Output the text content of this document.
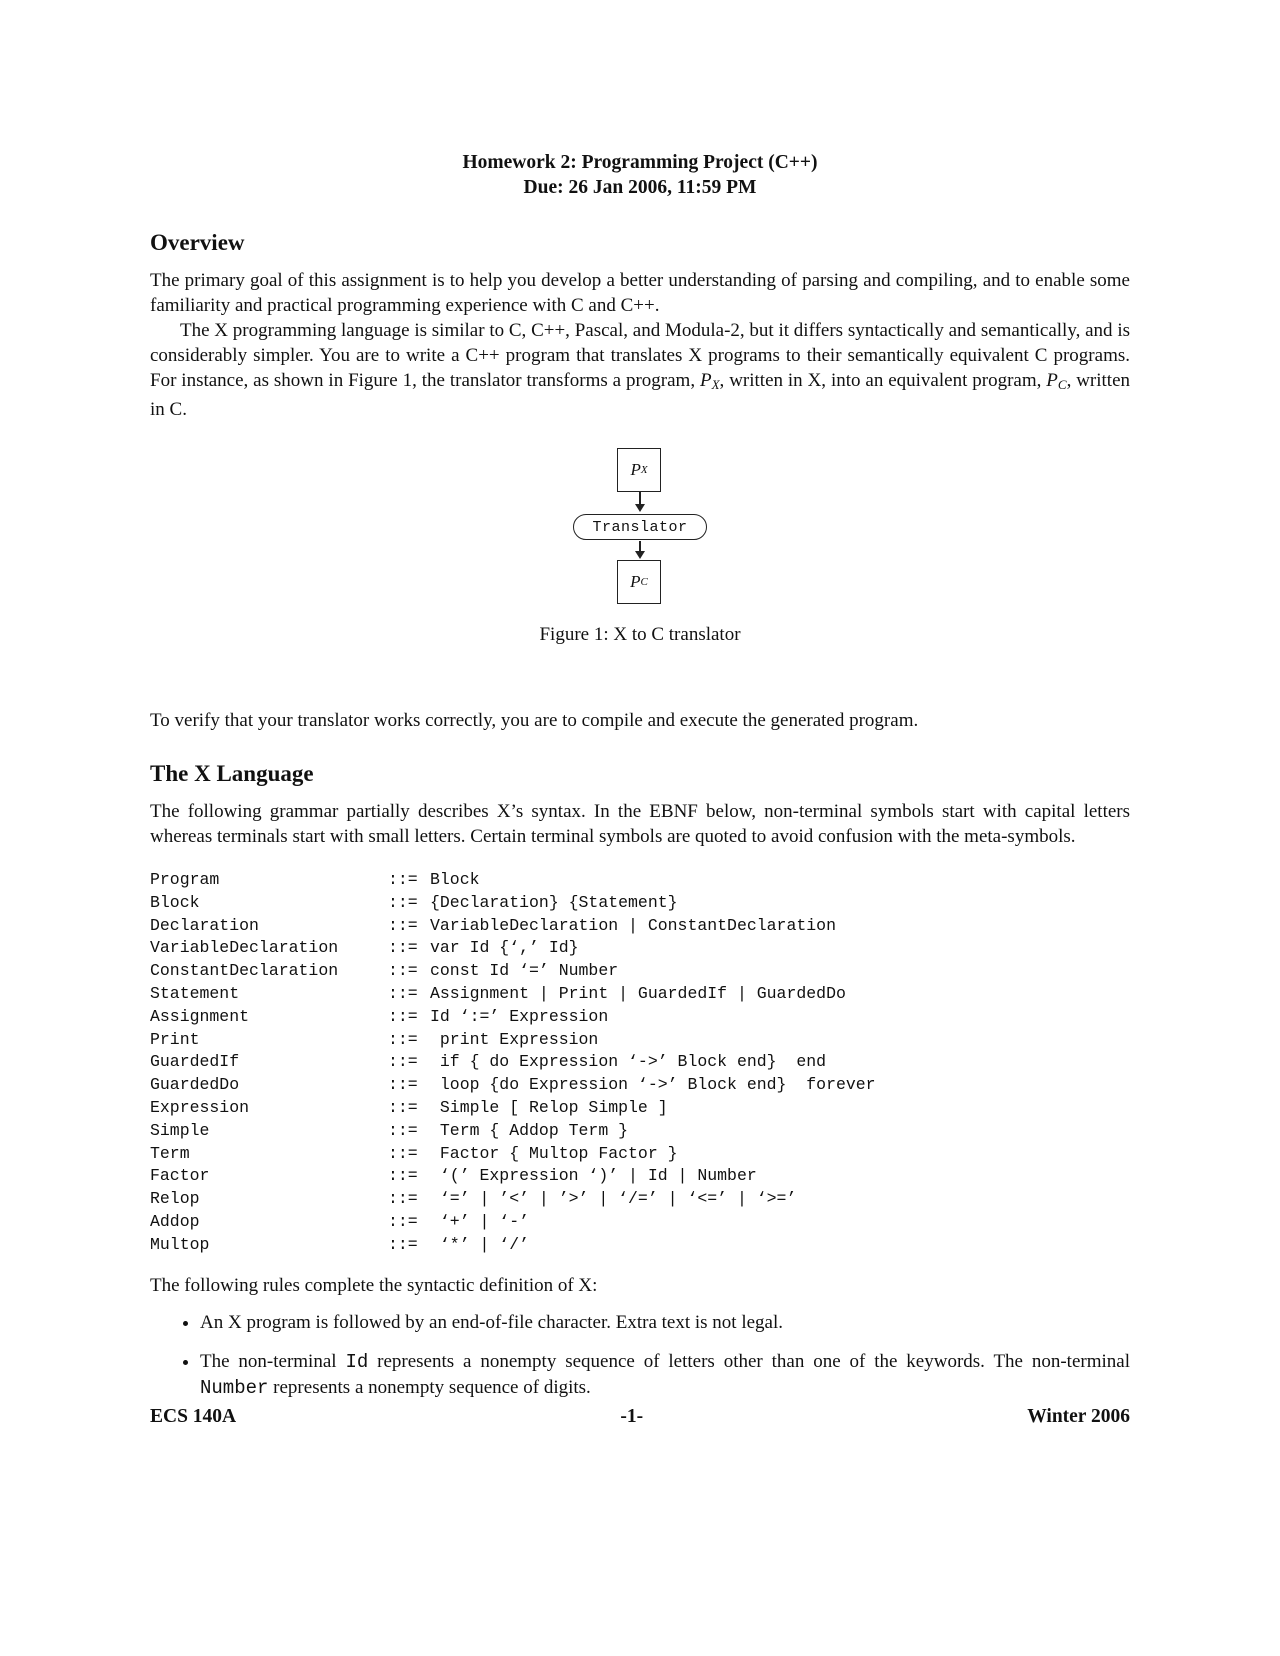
Homework 2: Programming Project (C++)
Due: 26 Jan 2006, 11:59 PM
Overview

The primary goal of this assignment is to help you develop a better understanding of parsing and compiling, and to enable some familiarity and practical programming experience with C and C++.

The X programming language is similar to C, C++, Pascal, and Modula-2, but it differs syntactically and semantically, and is considerably simpler. You are to write a C++ program that translates X programs to their semantically equivalent C programs. For instance, as shown in Figure 1, the translator transforms a program, $P_X$, written in X, into an equivalent program, $P_C$, written in C.

P X
Translator
P C
Figure 1: X to C translator

To verify that your translator works correctly, you are to compile and execute the generated program.

The X Language

The following grammar partially describes X’s syntax. In the EBNF below, non-terminal symbols start with capital letters whereas terminals start with small letters. Certain terminal symbols are quoted to avoid confusion with the meta-symbols.

Program	::= Block
Block	::= {Declaration} {Statement}
Declaration	::= VariableDeclaration | ConstantDeclaration
VariableDeclaration	::= var Id {‘,’ Id}
ConstantDeclaration	::= const Id ‘=’ Number
Statement	::= Assignment | Print | GuardedIf | GuardedDo
Assignment	::= Id ‘:=’ Expression
Print	::= print Expression
GuardedIf	::= if { do Expression ‘->’ Block end}  end
GuardedDo	::= loop {do Expression ‘->’ Block end}  forever
Expression	::= Simple [ Relop Simple ]
Simple	::= Term { Addop Term }
Term	::= Factor { Multop Factor }
Factor	::= ‘(’ Expression ‘)’ | Id | Number
Relop	::= ‘=’ | ’<’ | ’>’ | ‘/=’ | ‘<=’ | ‘>=’
Addop	::= ‘+’ | ‘-’
Multop	::= ‘*’ | ‘/’

The following rules complete the syntactic definition of X:

• An X program is followed by an end-of-file character. Extra text is not legal.
• The non-terminal Id represents a nonempty sequence of letters other than one of the keywords. The non-terminal Number represents a nonempty sequence of digits.
ECS 140A	-1-	Winter 2006
